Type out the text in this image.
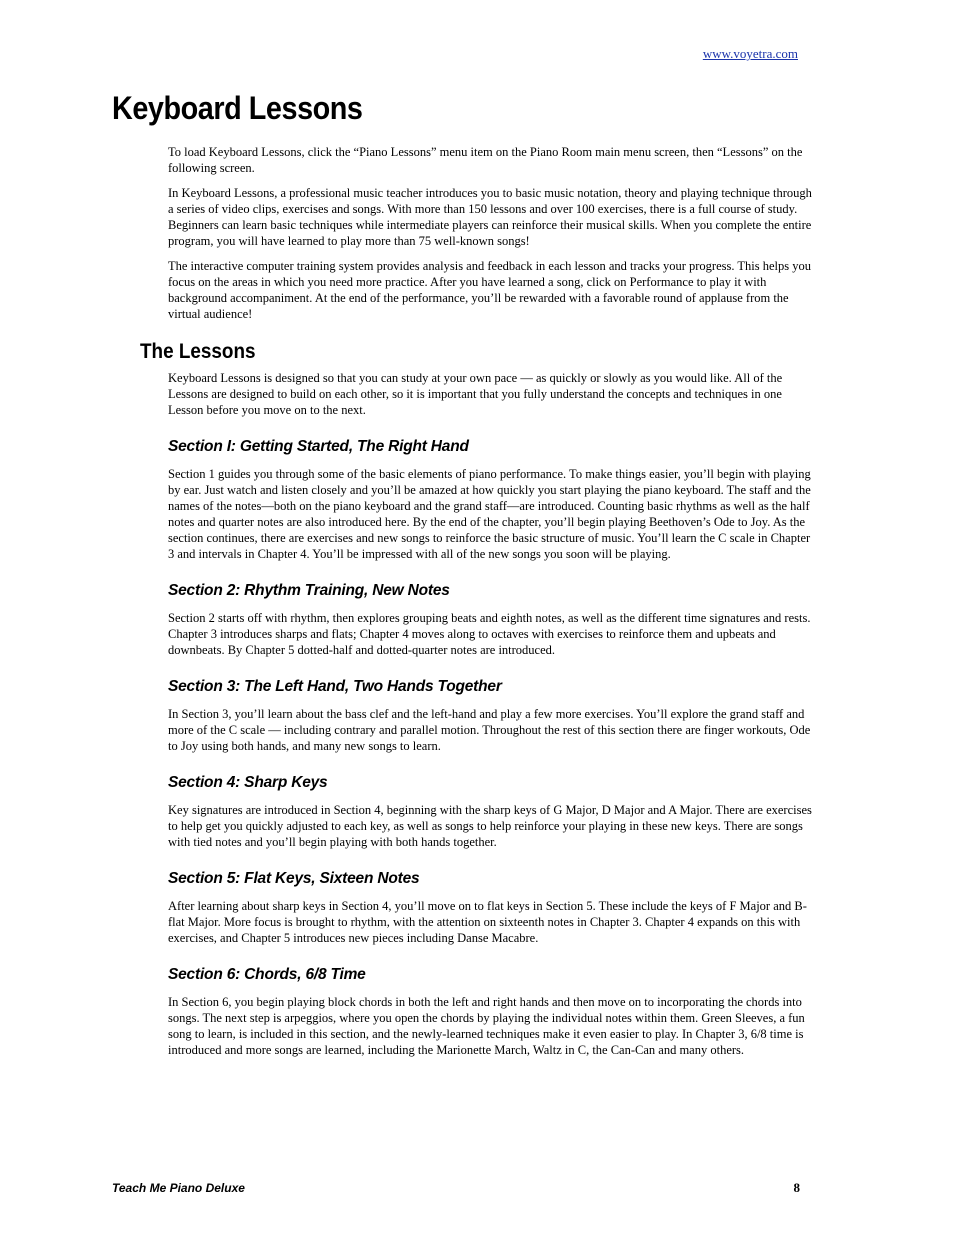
www.voyetra.com
Keyboard Lessons

To load Keyboard Lessons, click the “Piano Lessons” menu item on the Piano Room main menu screen, then “Lessons” on the following screen.

In Keyboard Lessons, a professional music teacher introduces you to basic music notation, theory and playing technique through a series of video clips, exercises and songs. With more than 150 lessons and over 100 exercises, there is a full course of study. Beginners can learn basic techniques while intermediate players can reinforce their musical skills. When you complete the entire program, you will have learned to play more than 75 well-known songs!

The interactive computer training system provides analysis and feedback in each lesson and tracks your progress. This helps you focus on the areas in which you need more practice. After you have learned a song, click on Performance to play it with background accompaniment. At the end of the performance, you’ll be rewarded with a favorable round of applause from the virtual audience!

The Lessons

Keyboard Lessons is designed so that you can study at your own pace — as quickly or slowly as you would like. All of the Lessons are designed to build on each other, so it is important that you fully understand the concepts and techniques in one Lesson before you move on to the next.

Section I: Getting Started, The Right Hand

Section 1 guides you through some of the basic elements of piano performance. To make things easier, you’ll begin with playing by ear. Just watch and listen closely and you’ll be amazed at how quickly you start playing the piano keyboard. The staff and the names of the notes—both on the piano keyboard and the grand staff—are introduced. Counting basic rhythms as well as the half notes and quarter notes are also introduced here. By the end of the chapter, you’ll begin playing Beethoven’s Ode to Joy. As the section continues, there are exercises and new songs to reinforce the basic structure of music. You’ll learn the C scale in Chapter 3 and intervals in Chapter 4. You’ll be impressed with all of the new songs you soon will be playing.

Section 2: Rhythm Training, New Notes

Section 2 starts off with rhythm, then explores grouping beats and eighth notes, as well as the different time signatures and rests. Chapter 3 introduces sharps and flats; Chapter 4 moves along to octaves with exercises to reinforce them and upbeats and downbeats. By Chapter 5 dotted-half and dotted-quarter notes are introduced.

Section 3: The Left Hand, Two Hands Together

In Section 3, you’ll learn about the bass clef and the left-hand and play a few more exercises. You’ll explore the grand staff and more of the C scale — including contrary and parallel motion. Throughout the rest of this section there are finger workouts, Ode to Joy using both hands, and many new songs to learn.

Section 4: Sharp Keys

Key signatures are introduced in Section 4, beginning with the sharp keys of G Major, D Major and A Major. There are exercises to help get you quickly adjusted to each key, as well as songs to help reinforce your playing in these new keys. There are songs with tied notes and you’ll begin playing with both hands together.

Section 5: Flat Keys, Sixteen Notes

After learning about sharp keys in Section 4, you’ll move on to flat keys in Section 5. These include the keys of F Major and B-flat Major. More focus is brought to rhythm, with the attention on sixteenth notes in Chapter 3. Chapter 4 expands on this with exercises, and Chapter 5 introduces new pieces including Danse Macabre.

Section 6: Chords, 6/8 Time

In Section 6, you begin playing block chords in both the left and right hands and then move on to incorporating the chords into songs. The next step is arpeggios, where you open the chords by playing the individual notes within them. Green Sleeves, a fun song to learn, is included in this section, and the newly-learned techniques make it even easier to play. In Chapter 3, 6/8 time is introduced and more songs are learned, including the Marionette March, Waltz in C, the Can-Can and many others.

Teach Me Piano Deluxe	8
